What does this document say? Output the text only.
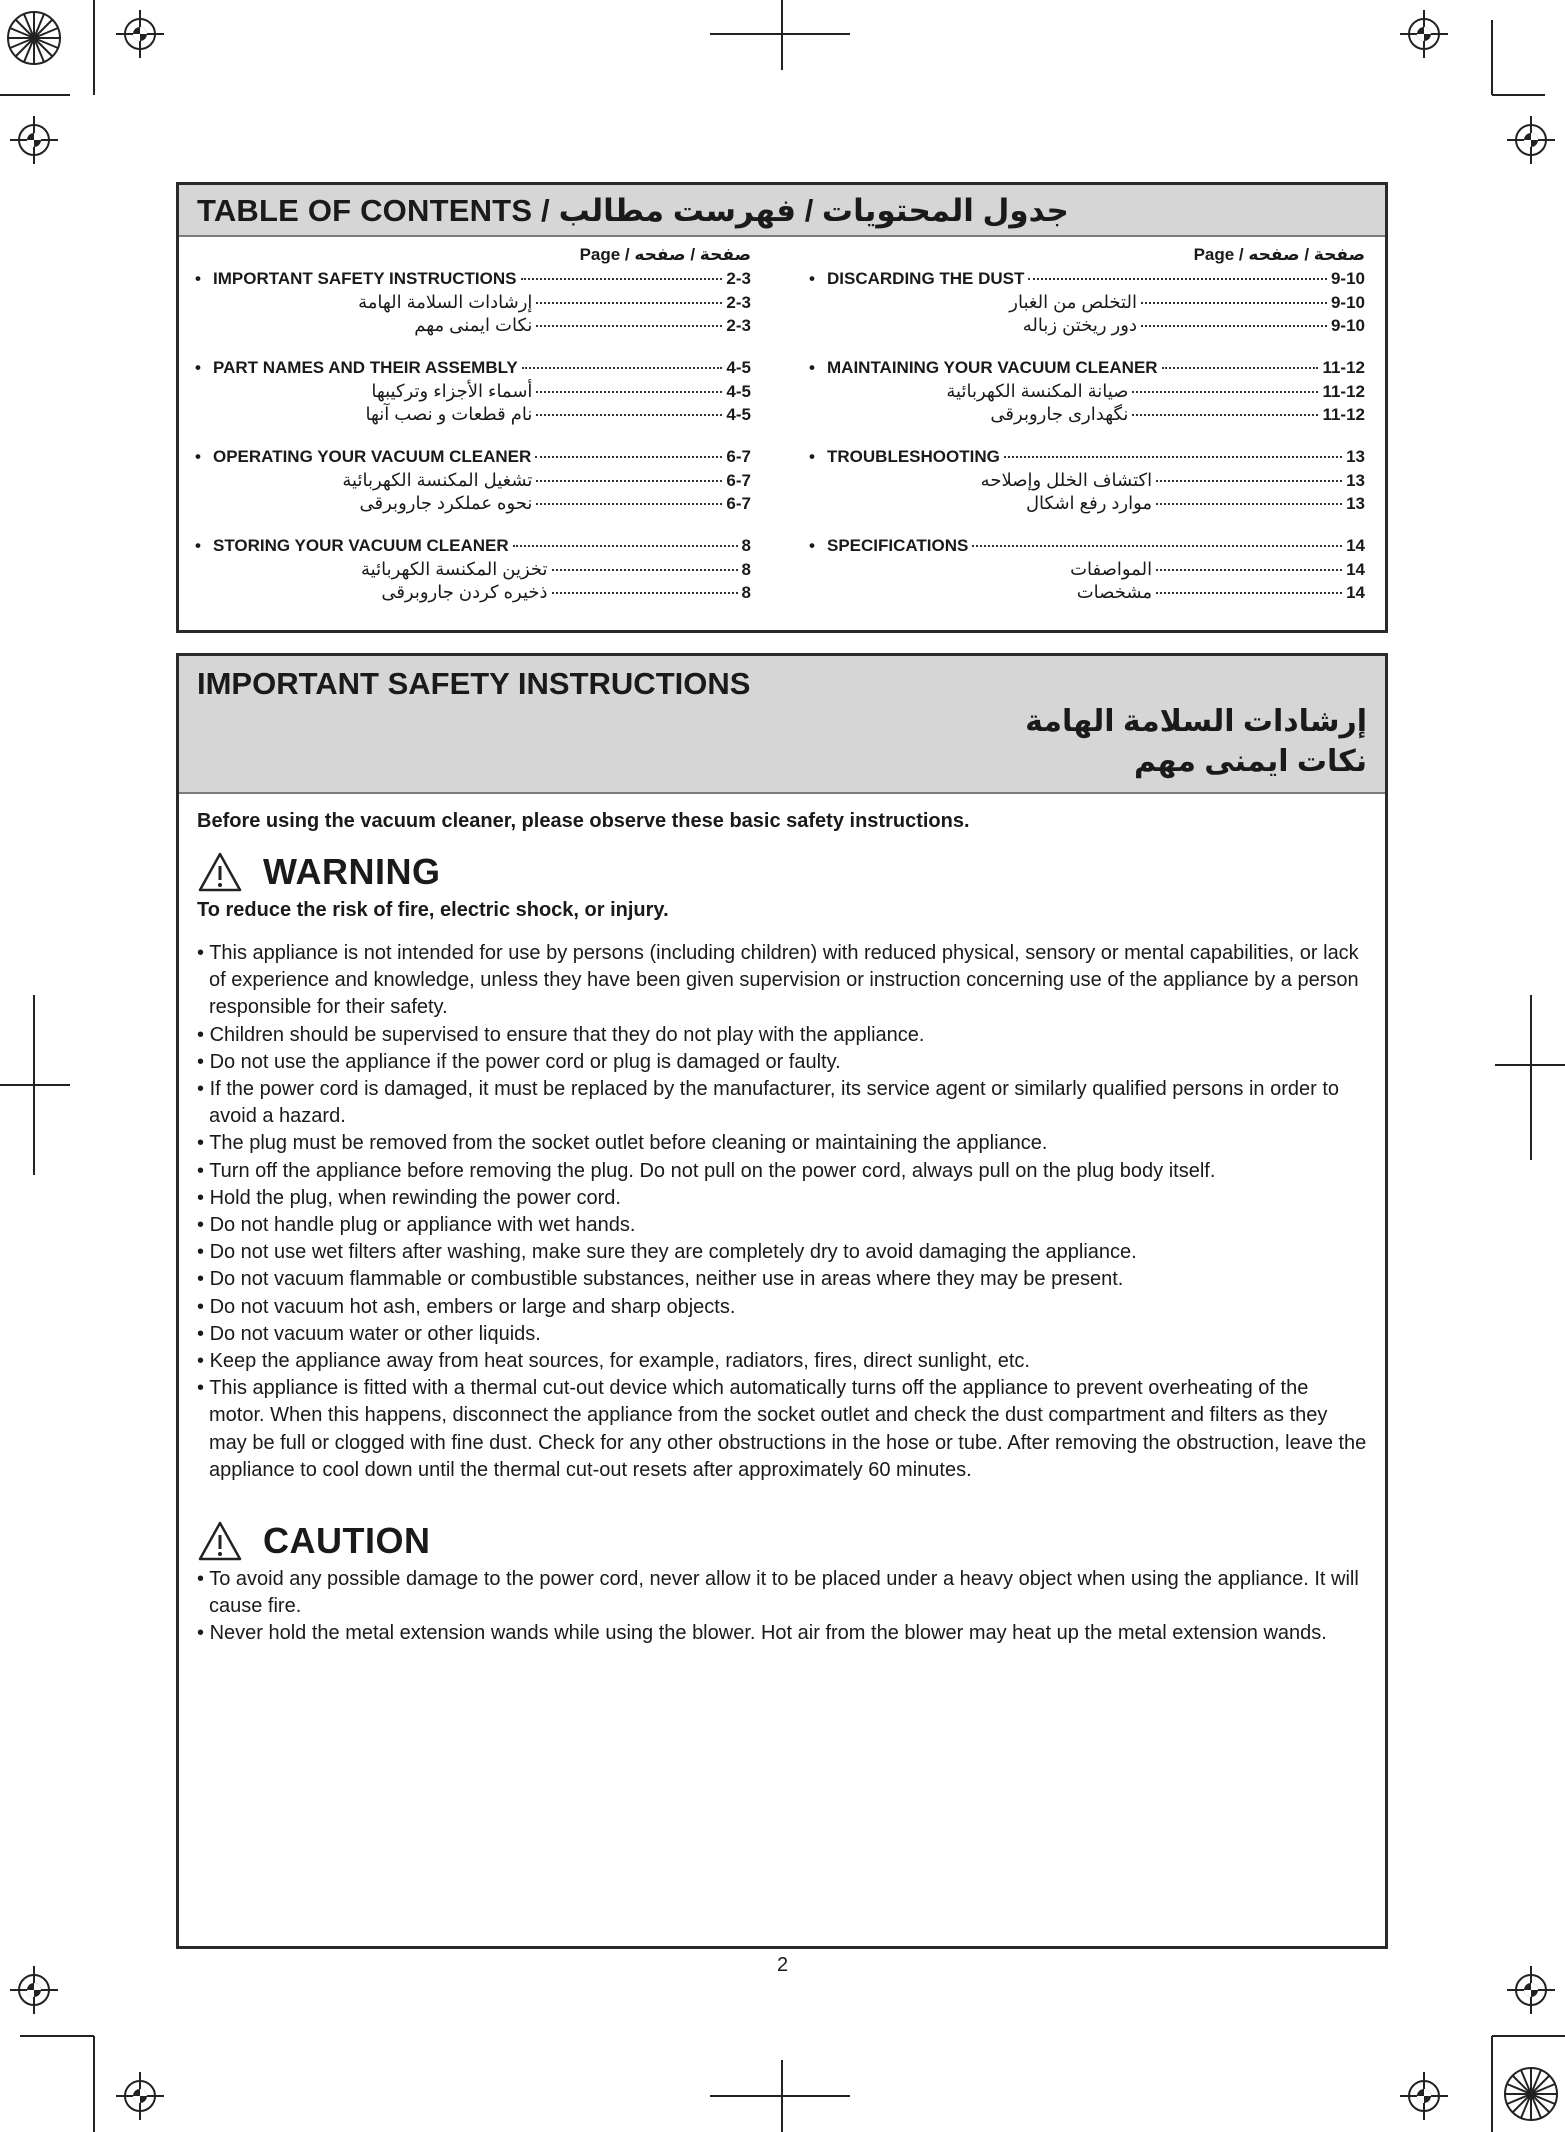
TABLE OF CONTENTS / جدول المحتويات / فهرست مطالب
Page / صفحة / صفحه
• IMPORTANT SAFETY INSTRUCTIONS	2-3
إرشادات السلامة الهامة	2-3
نکات ایمنی مهم	2-3
• PART NAMES AND THEIR ASSEMBLY	4-5
أسماء الأجزاء وتركيبها	4-5
نام قطعات و نصب آنها	4-5
• OPERATING YOUR VACUUM CLEANER	6-7
تشغيل المكنسة الكهربائية	6-7
نحوه عملکرد جاروبرقی	6-7
• STORING YOUR VACUUM CLEANER	8
تخزين المكنسة الكهربائية	8
ذخیره کردن جاروبرقی	8
Page / صفحة / صفحه
• DISCARDING THE DUST	9-10
التخلص من الغبار	9-10
دور ریختن زباله	9-10
• MAINTAINING YOUR VACUUM CLEANER	11-12
صيانة المكنسة الكهربائية	11-12
نگهداری جاروبرقی	11-12
• TROUBLESHOOTING	13
اكتشاف الخلل وإصلاحه	13
موارد رفع اشکال	13
• SPECIFICATIONS	14
المواصفات	14
مشخصات	14
IMPORTANT SAFETY INSTRUCTIONS
إرشادات السلامة الهامة
نکات ایمنی مهم
Before using the vacuum cleaner, please observe these basic safety instructions.
WARNING
To reduce the risk of fire, electric shock, or injury.
• This appliance is not intended for use by persons (including children) with reduced physical, sensory or mental capabilities, or lack of experience and knowledge, unless they have been given supervision or instruction concerning use of the appliance by a person responsible for their safety.
• Children should be supervised to ensure that they do not play with the appliance.
• Do not use the appliance if the power cord or plug is damaged or faulty.
• If the power cord is damaged, it must be replaced by the manufacturer, its service agent or similarly qualified persons in order to avoid a hazard.
• The plug must be removed from the socket outlet before cleaning or maintaining the appliance.
• Turn off the appliance before removing the plug. Do not pull on the power cord, always pull on the plug body itself.
• Hold the plug, when rewinding the power cord.
• Do not handle plug or appliance with wet hands.
• Do not use wet filters after washing, make sure they are completely dry to avoid damaging the appliance.
• Do not vacuum flammable or combustible substances, neither use in areas where they may be present.
• Do not vacuum hot ash, embers or large and sharp objects.
• Do not vacuum water or other liquids.
• Keep the appliance away from heat sources, for example, radiators, fires, direct sunlight, etc.
• This appliance is fitted with a thermal cut-out device which automatically turns off the appliance to prevent overheating of the motor. When this happens, disconnect the appliance from the socket outlet and check the dust compartment and filters as they may be full or clogged with fine dust. Check for any other obstructions in the hose or tube. After removing the obstruction, leave the appliance to cool down until the thermal cut-out resets after approximately 60 minutes.
CAUTION
• To avoid any possible damage to the power cord, never allow it to be placed under a heavy object when using the appliance. It will cause fire.
• Never hold the metal extension wands while using the blower. Hot air from the blower may heat up the metal extension wands.
2
